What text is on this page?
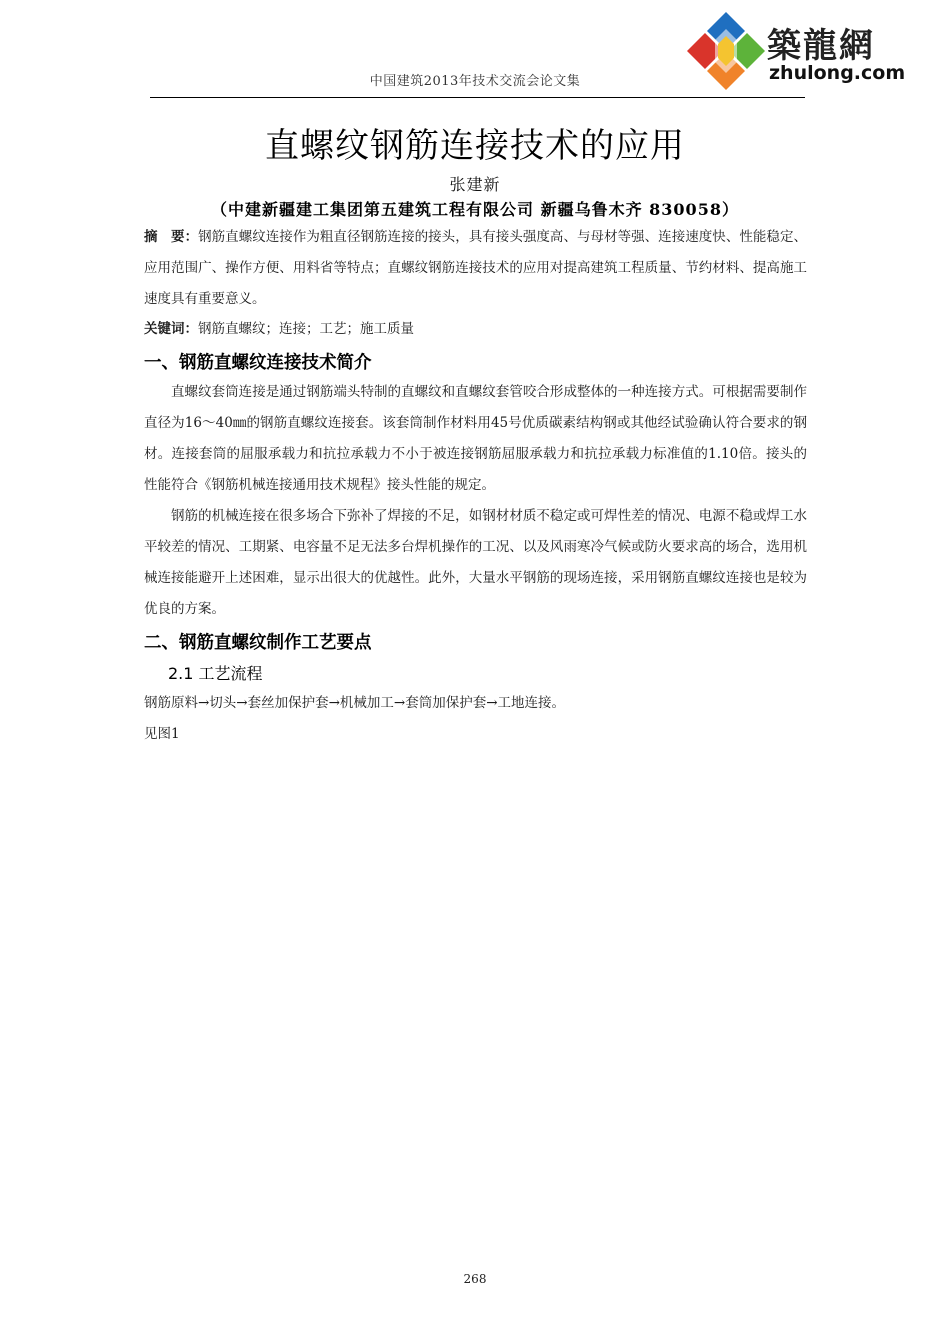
中国建筑2013年技术交流会论文集
築龍網
zhulong.com
直螺纹钢筋连接技术的应用
张建新
（中建新疆建工集团第五建筑工程有限公司 新疆乌鲁木齐 830058）
摘　要：钢筋直螺纹连接作为粗直径钢筋连接的接头，具有接头强度高、与母材等强、连接速度快、性能稳定、应用范围广、操作方便、用料省等特点；直螺纹钢筋连接技术的应用对提高建筑工程质量、节约材料、提高施工速度具有重要意义。
关键词：钢筋直螺纹；连接；工艺；施工质量
一、钢筋直螺纹连接技术简介
直螺纹套筒连接是通过钢筋端头特制的直螺纹和直螺纹套管咬合形成整体的一种连接方式。可根据需要制作直径为16～40㎜的钢筋直螺纹连接套。该套筒制作材料用45号优质碳素结构钢或其他经试验确认符合要求的钢材。连接套筒的屈服承载力和抗拉承载力不小于被连接钢筋屈服承载力和抗拉承载力标准值的1.10倍。接头的性能符合《钢筋机械连接通用技术规程》接头性能的规定。
钢筋的机械连接在很多场合下弥补了焊接的不足，如钢材材质不稳定或可焊性差的情况、电源不稳或焊工水平较差的情况、工期紧、电容量不足无法多台焊机操作的工况、以及风雨寒冷气候或防火要求高的场合，选用机械连接能避开上述困难，显示出很大的优越性。此外，大量水平钢筋的现场连接，采用钢筋直螺纹连接也是较为优良的方案。
二、钢筋直螺纹制作工艺要点
2.1 工艺流程
钢筋原料→切头→套丝加保护套→机械加工→套筒加保护套→工地连接。
见图1
268
